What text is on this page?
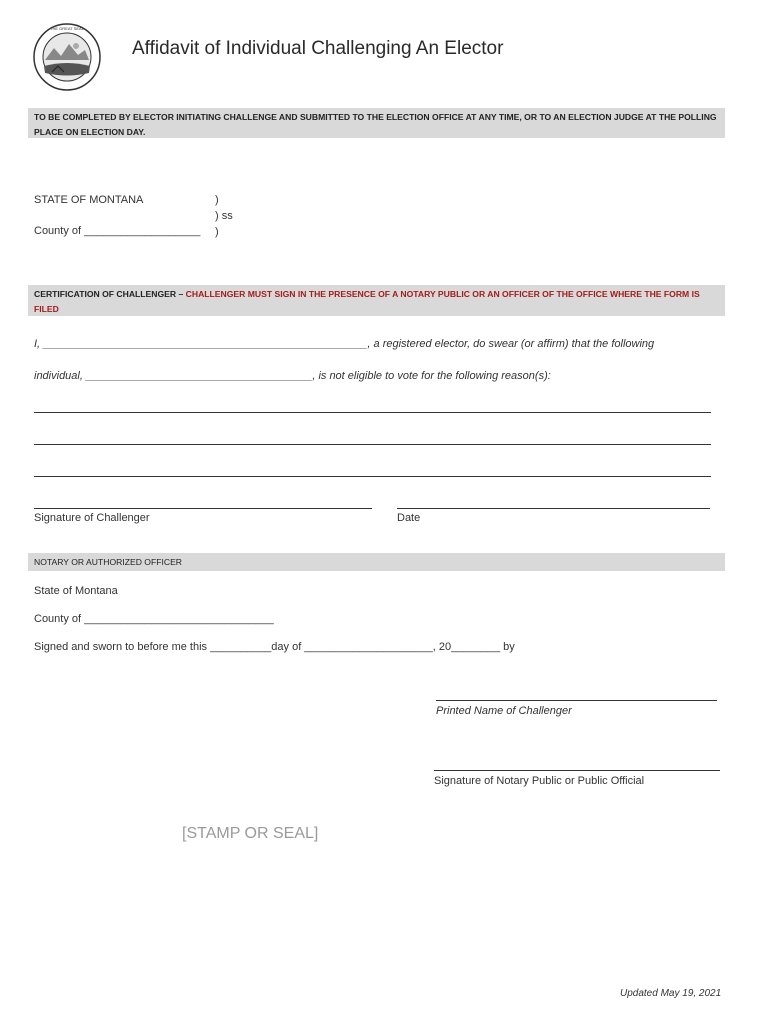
THE GREAT SEAL
Affidavit of Individual Challenging An Elector
TO BE COMPLETED BY ELECTOR INITIATING CHALLENGE AND SUBMITTED TO THE ELECTION OFFICE AT ANY TIME, OR TO AN ELECTION JUDGE AT THE POLLING PLACE ON ELECTION DAY.
STATE OF MONTANA	)
) ss
)
County of ___________________
CERTIFICATION OF CHALLENGER – CHALLENGER MUST SIGN IN THE PRESENCE OF A NOTARY PUBLIC OR AN OFFICER OF THE OFFICE WHERE THE FORM IS FILED
I, _____________________________________________________, a registered elector, do swear (or affirm) that the following
individual, _____________________________________, is not eligible to vote for the following reason(s):
Signature of Challenger	Date
NOTARY OR AUTHORIZED OFFICER
State of Montana
County of _______________________________
Signed and sworn to before me this __________day of _____________________, 20________ by
Printed Name of Challenger
Signature of Notary Public or Public Official
[STAMP OR SEAL]
Updated May 19, 2021
